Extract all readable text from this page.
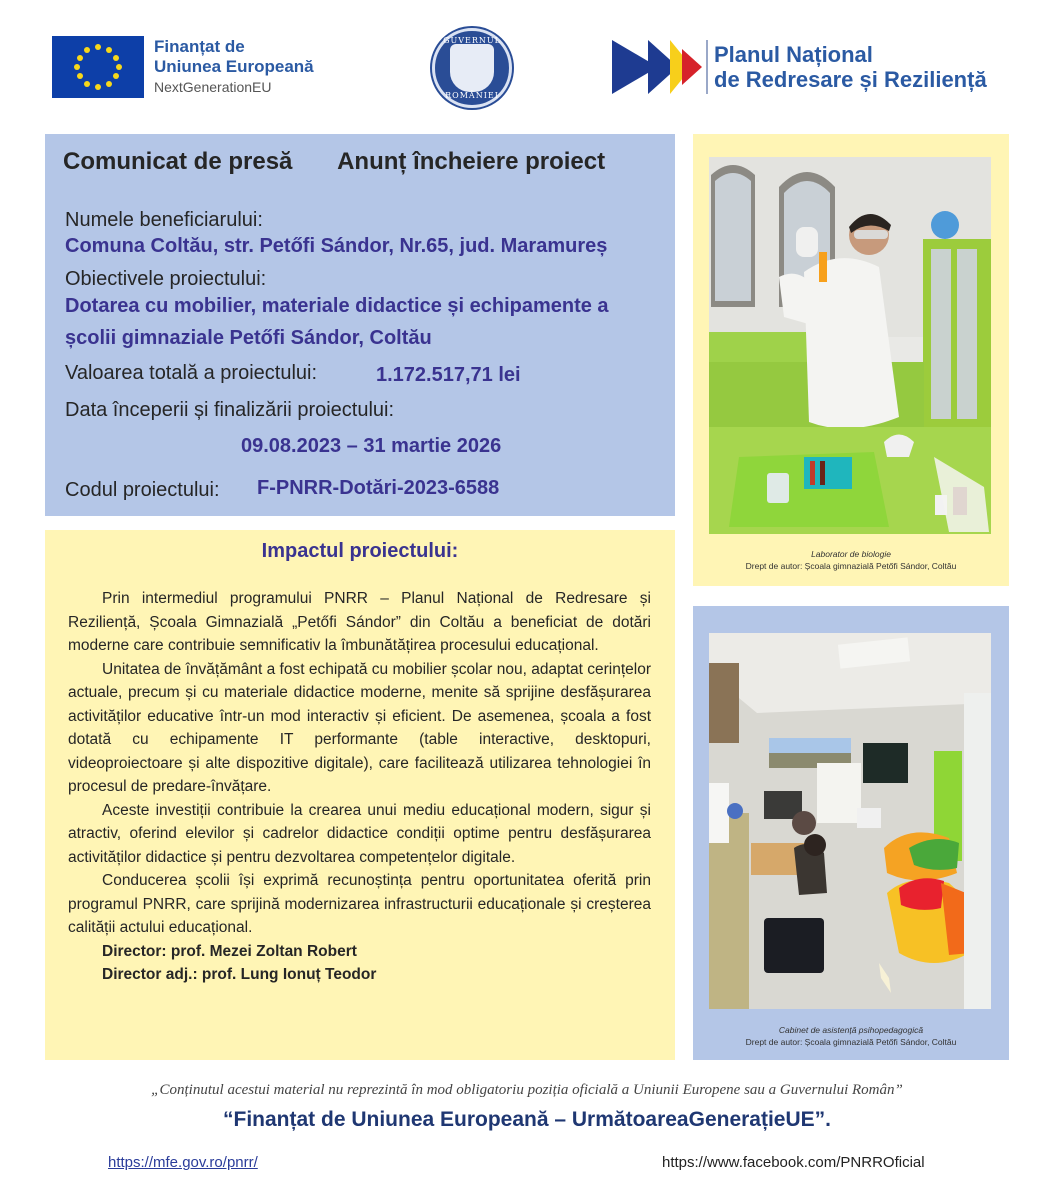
Finanțat de
Uniunea Europeană
NextGenerationEU
GUVERNUL
ROMÂNIEI
Planul Național
de Redresare și Reziliență
Comunicat de presă Anunț încheiere proiect
Numele beneficiarului:
Comuna Coltău, str. Petőfi Sándor, Nr.65, jud. Maramureș
Obiectivele proiectului:
Dotarea cu mobilier, materiale didactice și echipamente a
școlii gimnaziale Petőfi Sándor, Coltău
Valoarea totală a proiectului:	1.172.517,71 lei
Data începerii și finalizării proiectului:
09.08.2023 – 31 martie 2026
Codul proiectului: F-PNRR-Dotări-2023-6588
Impactul proiectului:

Prin intermediul programului PNRR – Planul Național de Redresare și Reziliență, Școala Gimnazială „Petőfi Sándor” din Coltău a beneficiat de dotări moderne care contribuie semnificativ la îmbunătățirea procesului educațional.

Unitatea de învățământ a fost echipată cu mobilier școlar nou, adaptat cerințelor actuale, precum și cu materiale didactice moderne, menite să sprijine desfășurarea activităților educative într-un mod interactiv și eficient. De asemenea, școala a fost dotată cu echipamente IT performante (table interactive, desktopuri, videoproiectoare și alte dispozitive digitale), care facilitează utilizarea tehnologiei în procesul de predare-învățare.

Aceste investiții contribuie la crearea unui mediu educațional modern, sigur și atractiv, oferind elevilor și cadrelor didactice condiții optime pentru desfășurarea activităților didactice și pentru dezvoltarea competențelor digitale.

Conducerea școlii își exprimă recunoștința pentru oportunitatea oferită prin programul PNRR, care sprijină modernizarea infrastructurii educaționale și creșterea calității actului educațional.

Director: prof. Mezei Zoltan Robert

Director adj.: prof. Lung Ionuț Teodor

Laborator de biologie
Drept de autor: Școala gimnazială Petőfi Sándor, Coltău
Cabinet de asistență psihopedagogică
Drept de autor: Școala gimnazială Petőfi Sándor, Coltău
„Conținutul acestui material nu reprezintă în mod obligatoriu poziția oficială a Uniunii Europene sau a Guvernului Român”
“Finanțat de Uniunea Europeană – UrmătoareaGenerațieUE”.
https://mfe.gov.ro/pnrr/	https://www.facebook.com/PNRROficial
